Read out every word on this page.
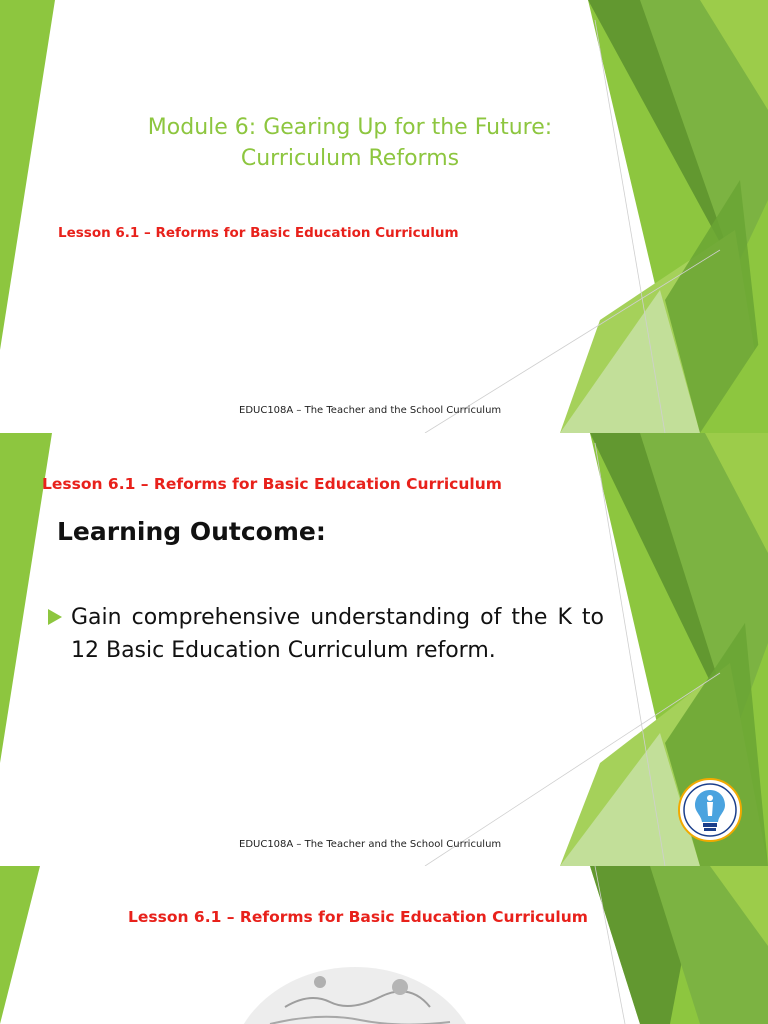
Module 6: Gearing Up for the Future:
Curriculum Reforms
Lesson 6.1 – Reforms for Basic Education Curriculum
EDUC108A – The Teacher and the School Curriculum
Lesson 6.1 – Reforms for Basic Education Curriculum
Learning Outcome:
Gain comprehensive understanding of the K to 12 Basic Education Curriculum reform.
EDUC108A – The Teacher and the School Curriculum
Lesson 6.1 – Reforms for Basic Education Curriculum
